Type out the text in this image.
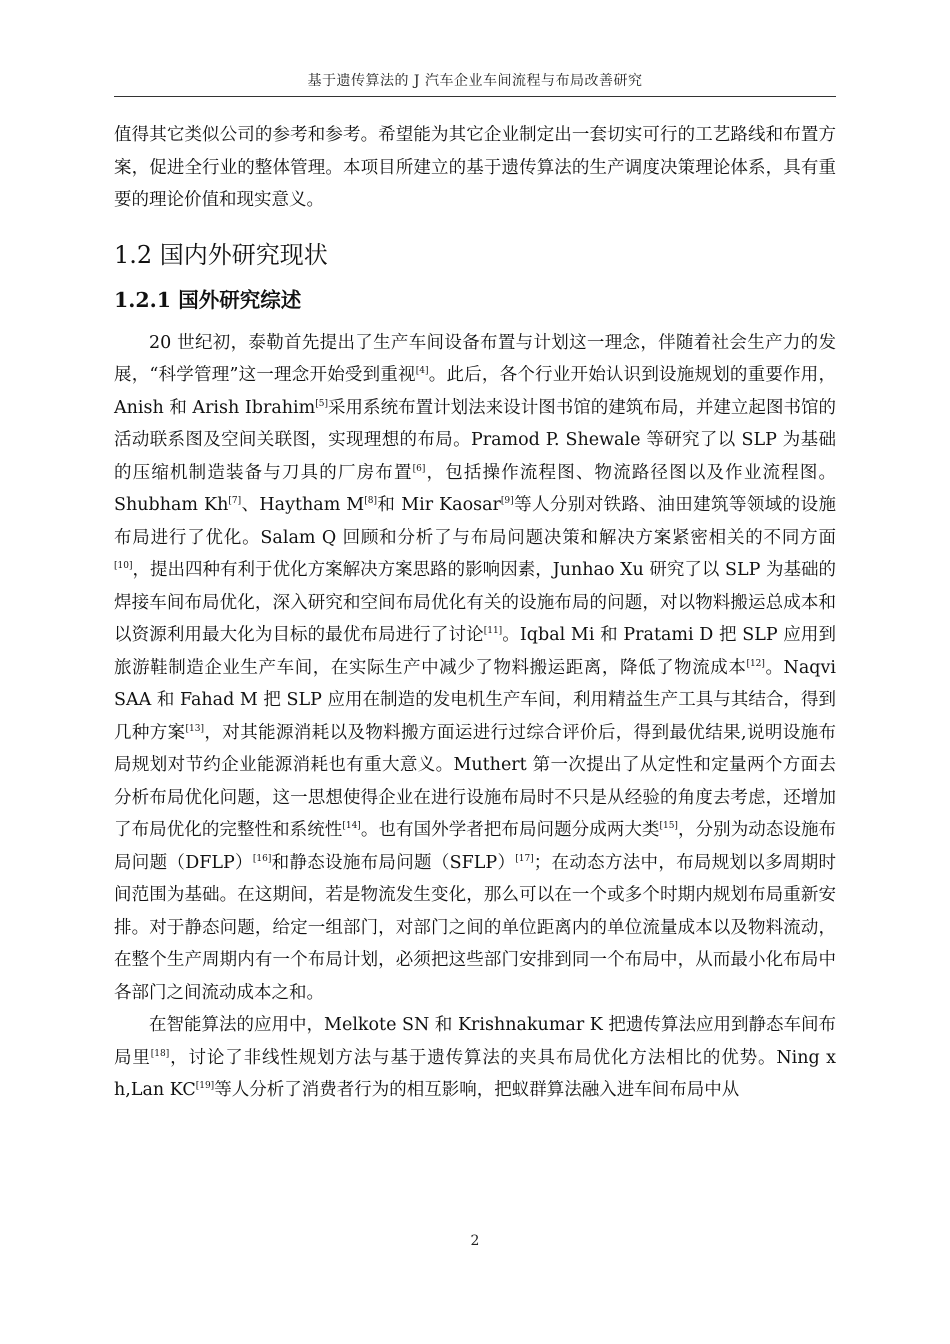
基于遗传算法的 J 汽车企业车间流程与布局改善研究

值得其它类似公司的参考和参考。希望能为其它企业制定出一套切实可行的工艺路线和布置方案，促进全行业的整体管理。本项目所建立的基于遗传算法的生产调度决策理论体系，具有重要的理论价值和现实意义。

1.2 国内外研究现状
1.2.1 国外研究综述

20 世纪初，泰勒首先提出了生产车间设备布置与计划这一理念，伴随着社会生产力的发展，“科学管理”这一理念开始受到重视[4]。此后，各个行业开始认识到设施规划的重要作用，Anish 和 Arish Ibrahim[5]采用系统布置计划法来设计图书馆的建筑布局，并建立起图书馆的活动联系图及空间关联图，实现理想的布局。Pramod P. Shewale 等研究了以 SLP 为基础的压缩机制造装备与刀具的厂房布置[6]，包括操作流程图、物流路径图以及作业流程图。Shubham Kh[7]、Haytham M[8]和 Mir Kaosar[9]等人分别对铁路、油田建筑等领域的设施布局进行了优化。Salam Q 回顾和分析了与布局问题决策和解决方案紧密相关的不同方面[10]，提出四种有利于优化方案解决方案思路的影响因素，Junhao Xu 研究了以 SLP 为基础的焊接车间布局优化，深入研究和空间布局优化有关的设施布局的问题，对以物料搬运总成本和以资源利用最大化为目标的最优布局进行了讨论[11]。Iqbal Mi 和 Pratami D 把 SLP 应用到旅游鞋制造企业生产车间，在实际生产中减少了物料搬运距离，降低了物流成本[12]。Naqvi SAA 和 Fahad M 把 SLP 应用在制造的发电机生产车间，利用精益生产工具与其结合，得到几种方案[13]，对其能源消耗以及物料搬方面运进行过综合评价后，得到最优结果,说明设施布局规划对节约企业能源消耗也有重大意义。Muthert 第一次提出了从定性和定量两个方面去分析布局优化问题，这一思想使得企业在进行设施布局时不只是从经验的角度去考虑，还增加了布局优化的完整性和系统性[14]。也有国外学者把布局问题分成两大类[15]，分别为动态设施布局问题（DFLP）[16]和静态设施布局问题（SFLP）[17]；在动态方法中，布局规划以多周期时间范围为基础。在这期间，若是物流发生变化，那么可以在一个或多个时期内规划布局重新安排。对于静态问题，给定一组部门，对部门之间的单位距离内的单位流量成本以及物料流动，在整个生产周期内有一个布局计划，必须把这些部门安排到同一个布局中，从而最小化布局中各部门之间流动成本之和。

在智能算法的应用中，Melkote SN 和 Krishnakumar K 把遗传算法应用到静态车间布局里[18]，讨论了非线性规划方法与基于遗传算法的夹具布局优化方法相比的优势。Ning x h,Lan KC[19]等人分析了消费者行为的相互影响，把蚁群算法融入进车间布局中从

2
